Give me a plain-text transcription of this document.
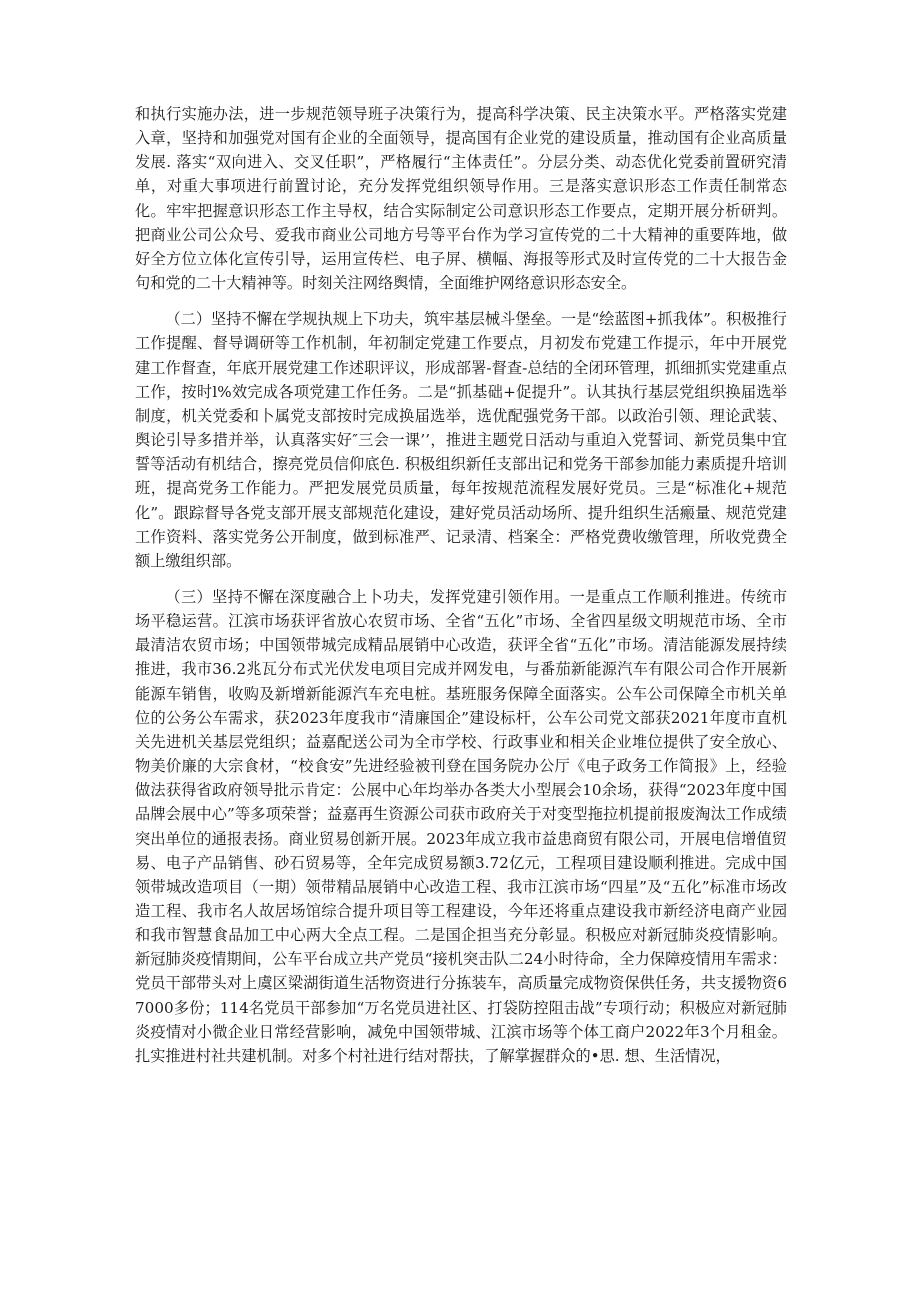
和执行实施办法，进一步规范领导班子决策行为，提高科学决策、民主决策水平。严格落实党建入章，坚持和加强党对国有企业的全面领导，提高国有企业党的建设质量，推动国有企业高质量发展. 落实“双向进入、交叉任职”，严格履行“主体责任”。分层分类、动态优化党委前置研究清单，对重大事项进行前置讨论，充分发挥党组织领导作用。三是落实意识形态工作责任制常态化。牢牢把握意识形态工作主导权，结合实际制定公司意识形态工作要点，定期开展分析研判。把商业公司公众号、爱我市商业公司地方号等平台作为学习宣传党的二十大精神的重要阵地，做好全方位立体化宣传引导，运用宣传栏、电子屏、横幅、海报等形式及时宣传党的二十大报告金句和党的二十大精神等。时刻关注网络舆情，全面维护网络意识形态安全。

（二）坚持不懈在学规执规上下功夫，筑牢基层械斗堡垒。一是“绘蓝图+抓我体”。积极推行工作提醒、督导调研等工作机制，年初制定党建工作要点，月初发布党建工作提示，年中开展党建工作督查，年底开展党建工作述职评议，形成部署-督查-总结的全闭环管理，抓细抓实党建重点工作，按时l%效完成各项党建工作任务。二是“抓基础+促提升”。认其执行基层党组织换届选举制度，机关党委和卜属党支部按时完成换届选举，选优配强党务干部。以政治引领、理论武装、舆论引导多措并举，认真落实好″三会一课’’，推进主题党日活动与重迫入党誓词、新党员集中宜誓等活动有机结合，擦亮党员信仰底色. 积极组织新任支部出记和党务干部参加能力素质提升培训班，提高党务工作能力。严把发展党员质量，每年按规范流程发展好党员。三是“标准化+规范化”。跟踪督导各党支部开展支部规范化建设，建好党员活动场所、提升组织生活瘢量、规范党建工作资料、落实党务公开制度，做到标准严、记录清、档案全：严格党费收缴管理，所收党费全额上缴组织部。

（三）坚持不懈在深度融合上卜功夫，发挥党建引领作用。一是重点工作顺利推进。传统市场平稳运营。江滨市场获评省放心农贸市场、全省“五化”市场、全省四星级文明规范市场、全市最清洁农贸市场；中国领带城完成精品展销中心改造，获评全省“五化”市场。清洁能源发展持续推进，我市36.2兆瓦分布式光伏发电项目完成并网发电，与番茄新能源汽车有限公司合作开展新能源车销售，收购及新增新能源汽车充电桩。基班服务保障全面落实。公车公司保障全市机关单位的公务公车需求，获2023年度我市“清廉国企”建设标杆，公车公司党文部获2021年度市直机关先进机关基层党组织；益嘉配送公司为全市学校、行政事业和相关企业堆位提供了安全放心、物美价廉的大宗食材，“校食安”先进经验被刊登在国务院办公厅《电子政务工作简报》上，经验做法获得省政府领导批示肯定：公展中心年均举办各类大小型展会10余场，获得“2023年度中国品牌会展中心”等多项荣誉；益嘉再生资源公司获市政府关于对变型拖拉机提前报废淘汰工作成绩突出单位的通报表扬。商业贸易创新开展。2023年成立我市益患商贸有限公司，开展电信增值贸易、电子产品销售、砂石贸易等，全年完成贸易额3.72亿元，工程项目建设顺利推进。完成中国领带城改造项目（一期）领带精品展销中心改造工程、我市江滨市场“四星”及“五化”标准市场改造工程、我市名人故居场馆综合提升项目等工程建设，今年还将重点建设我市新经济电商产业园和我市智慧食品加工中心两大全点工程。二是国企担当充分彰显。积极应对新冠肺炎疫情影响。新冠肺炎疫情期间，公车平台成立共产党员“接机突击队二24小时待命，全力保障疫情用车需求：党员干部带头对上虞区梁湖街道生活物资进行分拣装车，高质量完成物资保供任务，共支援物资67000多份；114名党员干部参加“万名党员进社区、打袋防控阻击战”专项行动；积极应对新冠肺炎疫情对小微企业日常经营影响，减免中国领带城、江滨市场等个体工商户2022年3个月租金。扎实推进村社共建机制。对多个村社进行结对帮扶，了解掌握群众的•思. 想、生活情况，
